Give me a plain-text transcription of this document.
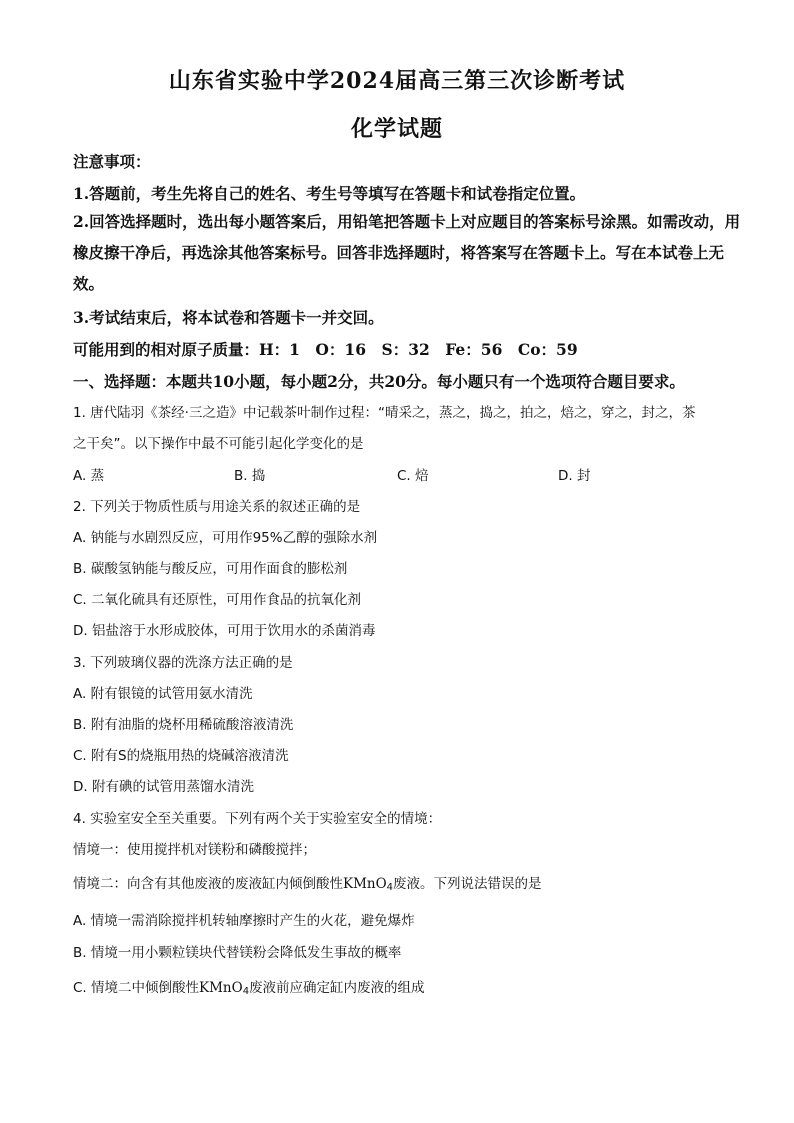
山东省实验中学2024届高三第三次诊断考试
化学试题
注意事项：
1.答题前，考生先将自己的姓名、考生号等填写在答题卡和试卷指定位置。
2.回答选择题时，选出每小题答案后，用铅笔把答题卡上对应题目的答案标号涂黑。如需改动，用橡皮擦干净后，再选涂其他答案标号。回答非选择题时，将答案写在答题卡上。写在本试卷上无效。
3.考试结束后，将本试卷和答题卡一并交回。
可能用到的相对原子质量：H：1　O：16　S：32　Fe：56　Co：59
一、选择题：本题共10小题，每小题2分，共20分。每小题只有一个选项符合题目要求。
1. 唐代陆羽《茶经·三之造》中记载茶叶制作过程：“晴采之，蒸之，捣之，拍之，焙之，穿之，封之，茶
之干矣”。以下操作中最不可能引起化学变化的是
A. 蒸	B. 捣	C. 焙	D. 封
2. 下列关于物质性质与用途关系的叙述正确的是
A. 钠能与水剧烈反应，可用作95%乙醇的强除水剂
B. 碳酸氢钠能与酸反应，可用作面食的膨松剂
C. 二氧化硫具有还原性，可用作食品的抗氧化剂
D. 铝盐溶于水形成胶体，可用于饮用水的杀菌消毒
3. 下列玻璃仪器的洗涤方法正确的是
A. 附有银镜的试管用氨水清洗
B. 附有油脂的烧杯用稀硫酸溶液清洗
C. 附有S的烧瓶用热的烧碱溶液清洗
D. 附有碘的试管用蒸馏水清洗
4. 实验室安全至关重要。下列有两个关于实验室安全的情境：
情境一：使用搅拌机对镁粉和磷酸搅拌；
情境二：向含有其他废液的废液缸内倾倒酸性KMnO4废液。下列说法错误的是
A. 情境一需消除搅拌机转轴摩擦时产生的火花，避免爆炸
B. 情境一用小颗粒镁块代替镁粉会降低发生事故的概率
C. 情境二中倾倒酸性KMnO4废液前应确定缸内废液的组成
